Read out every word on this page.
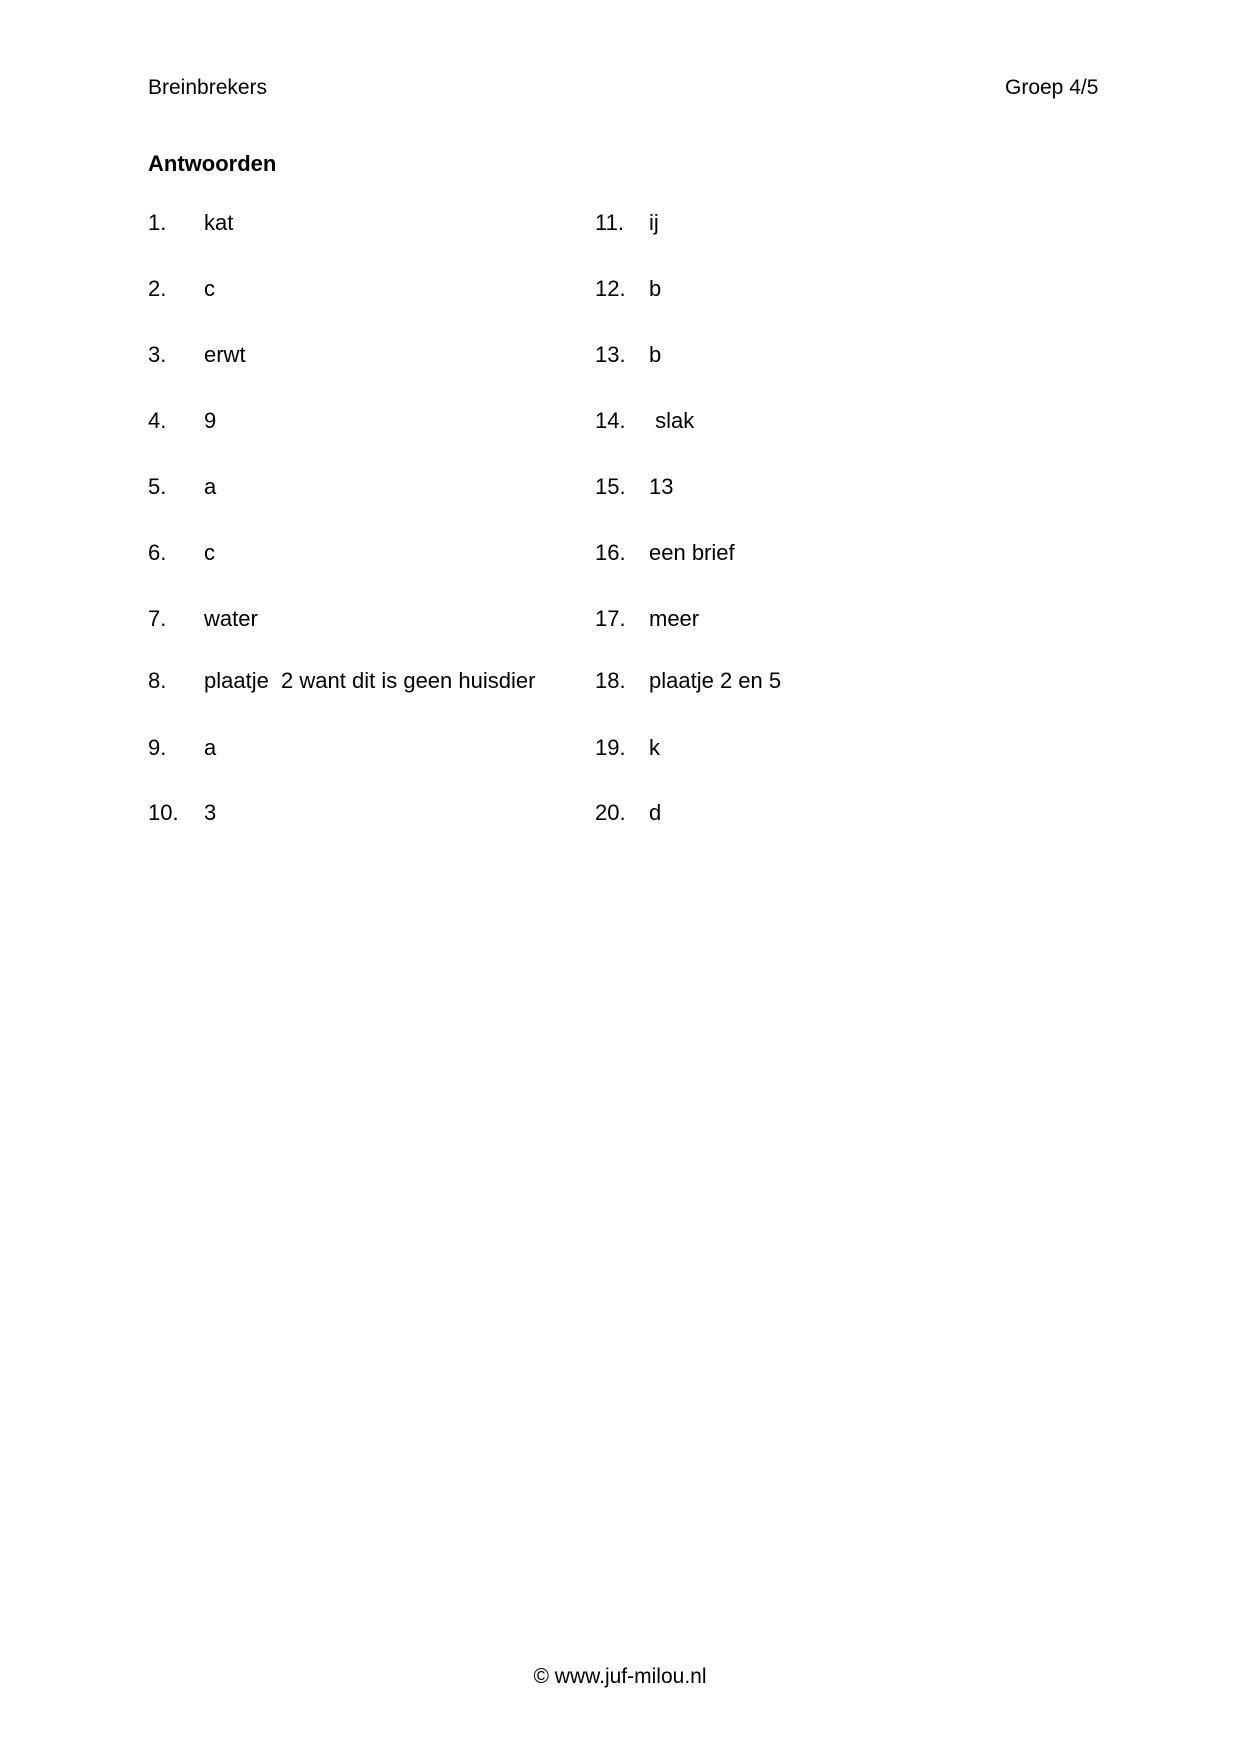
Breinbrekers	Groep 4/5
Antwoorden

1.

kat

2.

c

3.

erwt

4.

9

5.

a

6.

c

7.

water

8.

plaatje  2 want dit is geen huisdier

9.

a

10.

3

11.

ij

12.

b

13.

b

14.

slak

15.

13

16.

een brief

17.

meer

18.

plaatje 2 en 5

19.

k

20.

d

© www.juf-milou.nl
